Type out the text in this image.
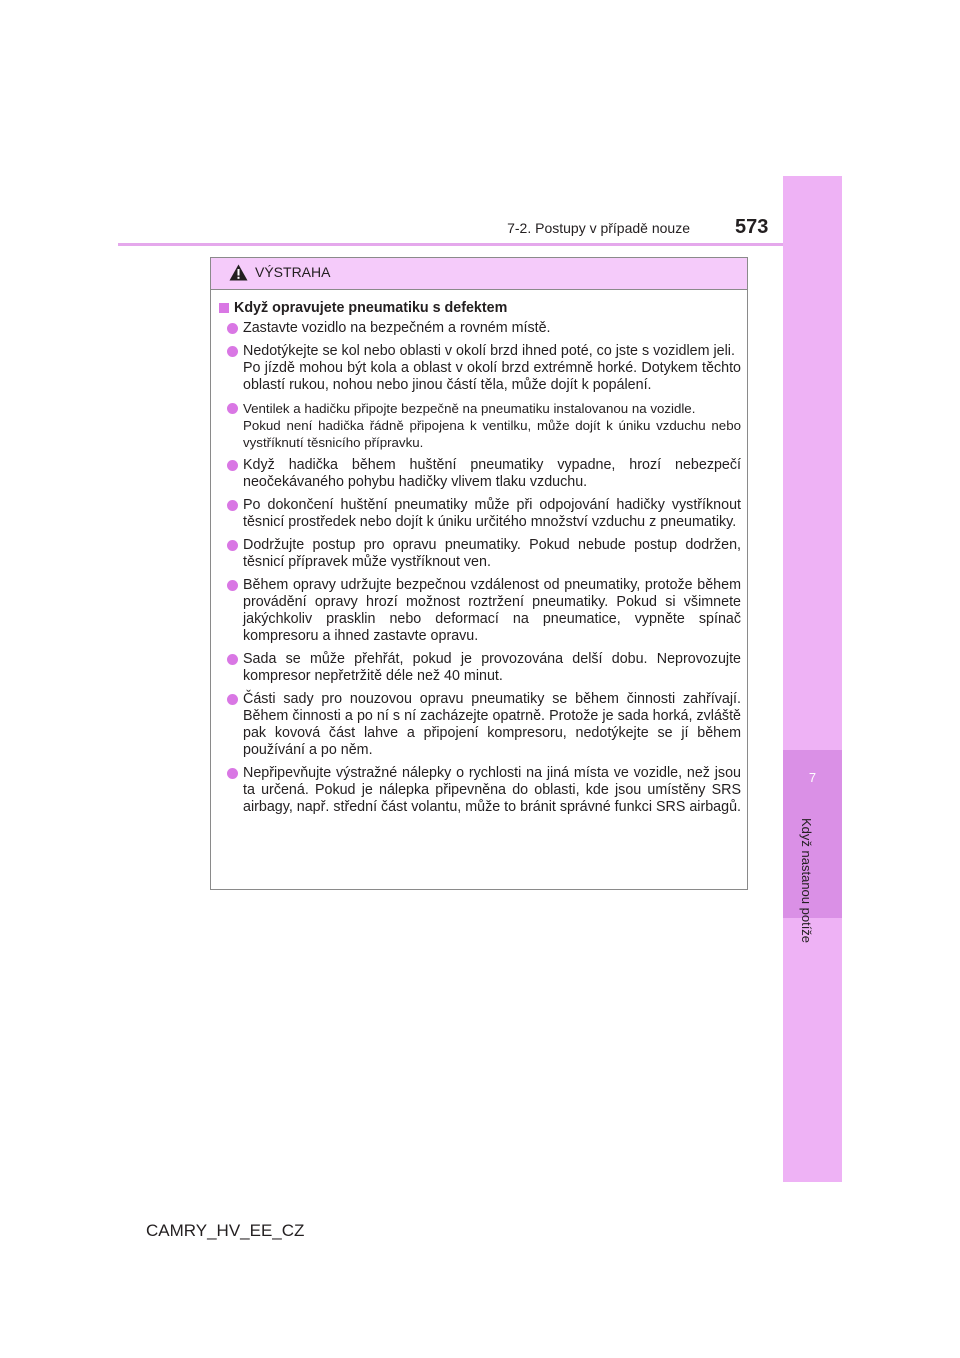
7-2. Postupy v případě nouze 573
7
Když nastanou potíže
VÝSTRAHA
Když opravujete pneumatiku s defektem

Zastavte vozidlo na bezpečném a rovném místě.

Nedotýkejte se kol nebo oblasti v okolí brzd ihned poté, co jste s vozidlem jeli.

Po jízdě mohou být kola a oblast v okolí brzd extrémně horké. Dotykem těchto oblastí rukou, nohou nebo jinou částí těla, může dojít k popálení.

Ventilek a hadičku připojte bezpečně na pneumatiku instalovanou na vozidle.

Pokud není hadička řádně připojena k ventilku, může dojít k úniku vzduchu nebo vystříknutí těsnicího přípravku.

Když hadička během huštění pneumatiky vypadne, hrozí nebezpečí neočekávaného pohybu hadičky vlivem tlaku vzduchu.

Po dokončení huštění pneumatiky může při odpojování hadičky vystříknout těsnicí prostředek nebo dojít k úniku určitého množství vzduchu z pneumatiky.

Dodržujte postup pro opravu pneumatiky. Pokud nebude postup dodržen, těsnicí přípravek může vystříknout ven.

Během opravy udržujte bezpečnou vzdálenost od pneumatiky, protože během provádění opravy hrozí možnost roztržení pneumatiky. Pokud si všimnete jakýchkoliv prasklin nebo deformací na pneumatice, vypněte spínač kompresoru a ihned zastavte opravu.

Sada se může přehřát, pokud je provozována delší dobu. Neprovozujte kompresor nepřetržitě déle než 40 minut.

Části sady pro nouzovou opravu pneumatiky se během činnosti zahřívají. Během činnosti a po ní s ní zacházejte opatrně. Protože je sada horká, zvláště pak kovová část lahve a připojení kompresoru, nedotýkejte se jí během používání a po něm.

Nepřipevňujte výstražné nálepky o rychlosti na jiná místa ve vozidle, než jsou ta určená. Pokud je nálepka připevněna do oblasti, kde jsou umístěny SRS airbagy, např. střední část volantu, může to bránit správné funkci SRS airbagů.

CAMRY_HV_EE_CZ
